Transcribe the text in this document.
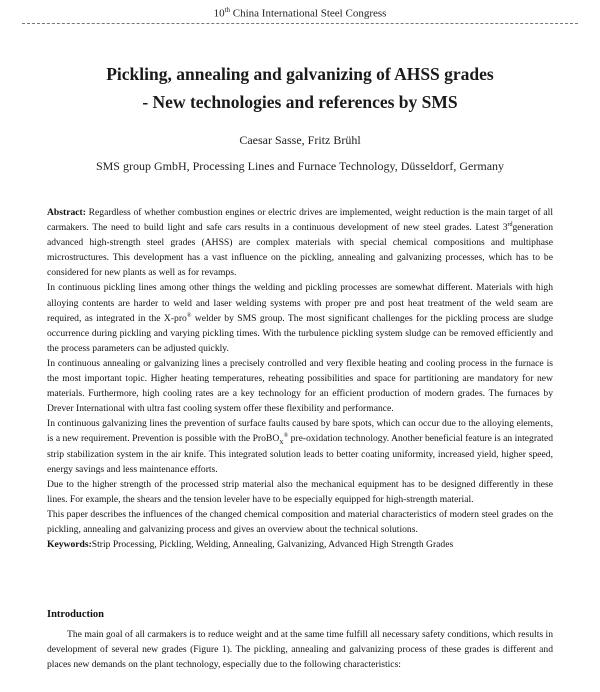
10th China International Steel Congress
Pickling, annealing and galvanizing of AHSS grades
- New technologies and references by SMS
Caesar Sasse, Fritz Brühl
SMS group GmbH, Processing Lines and Furnace Technology, Düsseldorf, Germany

Abstract: Regardless of whether combustion engines or electric drives are implemented, weight reduction is the main target of all carmakers. The need to build light and safe cars results in a continuous development of new steel grades. Latest 3rdgeneration advanced high-strength steel grades (AHSS) are complex materials with special chemical compositions and multiphase microstructures. This development has a vast influence on the pickling, annealing and galvanizing processes, which has to be considered for new plants as well as for revamps.

In continuous pickling lines among other things the welding and pickling processes are somewhat different. Materials with high alloying contents are harder to weld and laser welding systems with proper pre and post heat treatment of the weld seam are required, as integrated in the X-pro® welder by SMS group. The most significant challenges for the pickling process are sludge occurrence during pickling and varying pickling times. With the turbulence pickling system sludge can be removed efficiently and the process parameters can be adjusted quickly.

In continuous annealing or galvanizing lines a precisely controlled and very flexible heating and cooling process in the furnace is the most important topic. Higher heating temperatures, reheating possibilities and space for partitioning are mandatory for new materials. Furthermore, high cooling rates are a key technology for an efficient production of modern grades. The furnaces by Drever International with ultra fast cooling system offer these flexibility and performance.

In continuous galvanizing lines the prevention of surface faults caused by bare spots, which can occur due to the alloying elements, is a new requirement. Prevention is possible with the ProBO$_X$® pre-oxidation technology. Another beneficial feature is an integrated strip stabilization system in the air knife. This integrated solution leads to better coating uniformity, increased yield, higher speed, energy savings and less maintenance efforts.

Due to the higher strength of the processed strip material also the mechanical equipment has to be designed differently in these lines. For example, the shears and the tension leveler have to be especially equipped for high-strength material.

This paper describes the influences of the changed chemical composition and material characteristics of modern steel grades on the pickling, annealing and galvanizing process and gives an overview about the technical solutions.

Keywords:Strip Processing, Pickling, Welding, Annealing, Galvanizing, Advanced High Strength Grades

Introduction

The main goal of all carmakers is to reduce weight and at the same time fulfill all necessary safety conditions, which results in development of several new grades (Figure 1). The pickling, annealing and galvanizing process of these grades is different and places new demands on the plant technology, especially due to the following characteristics:
